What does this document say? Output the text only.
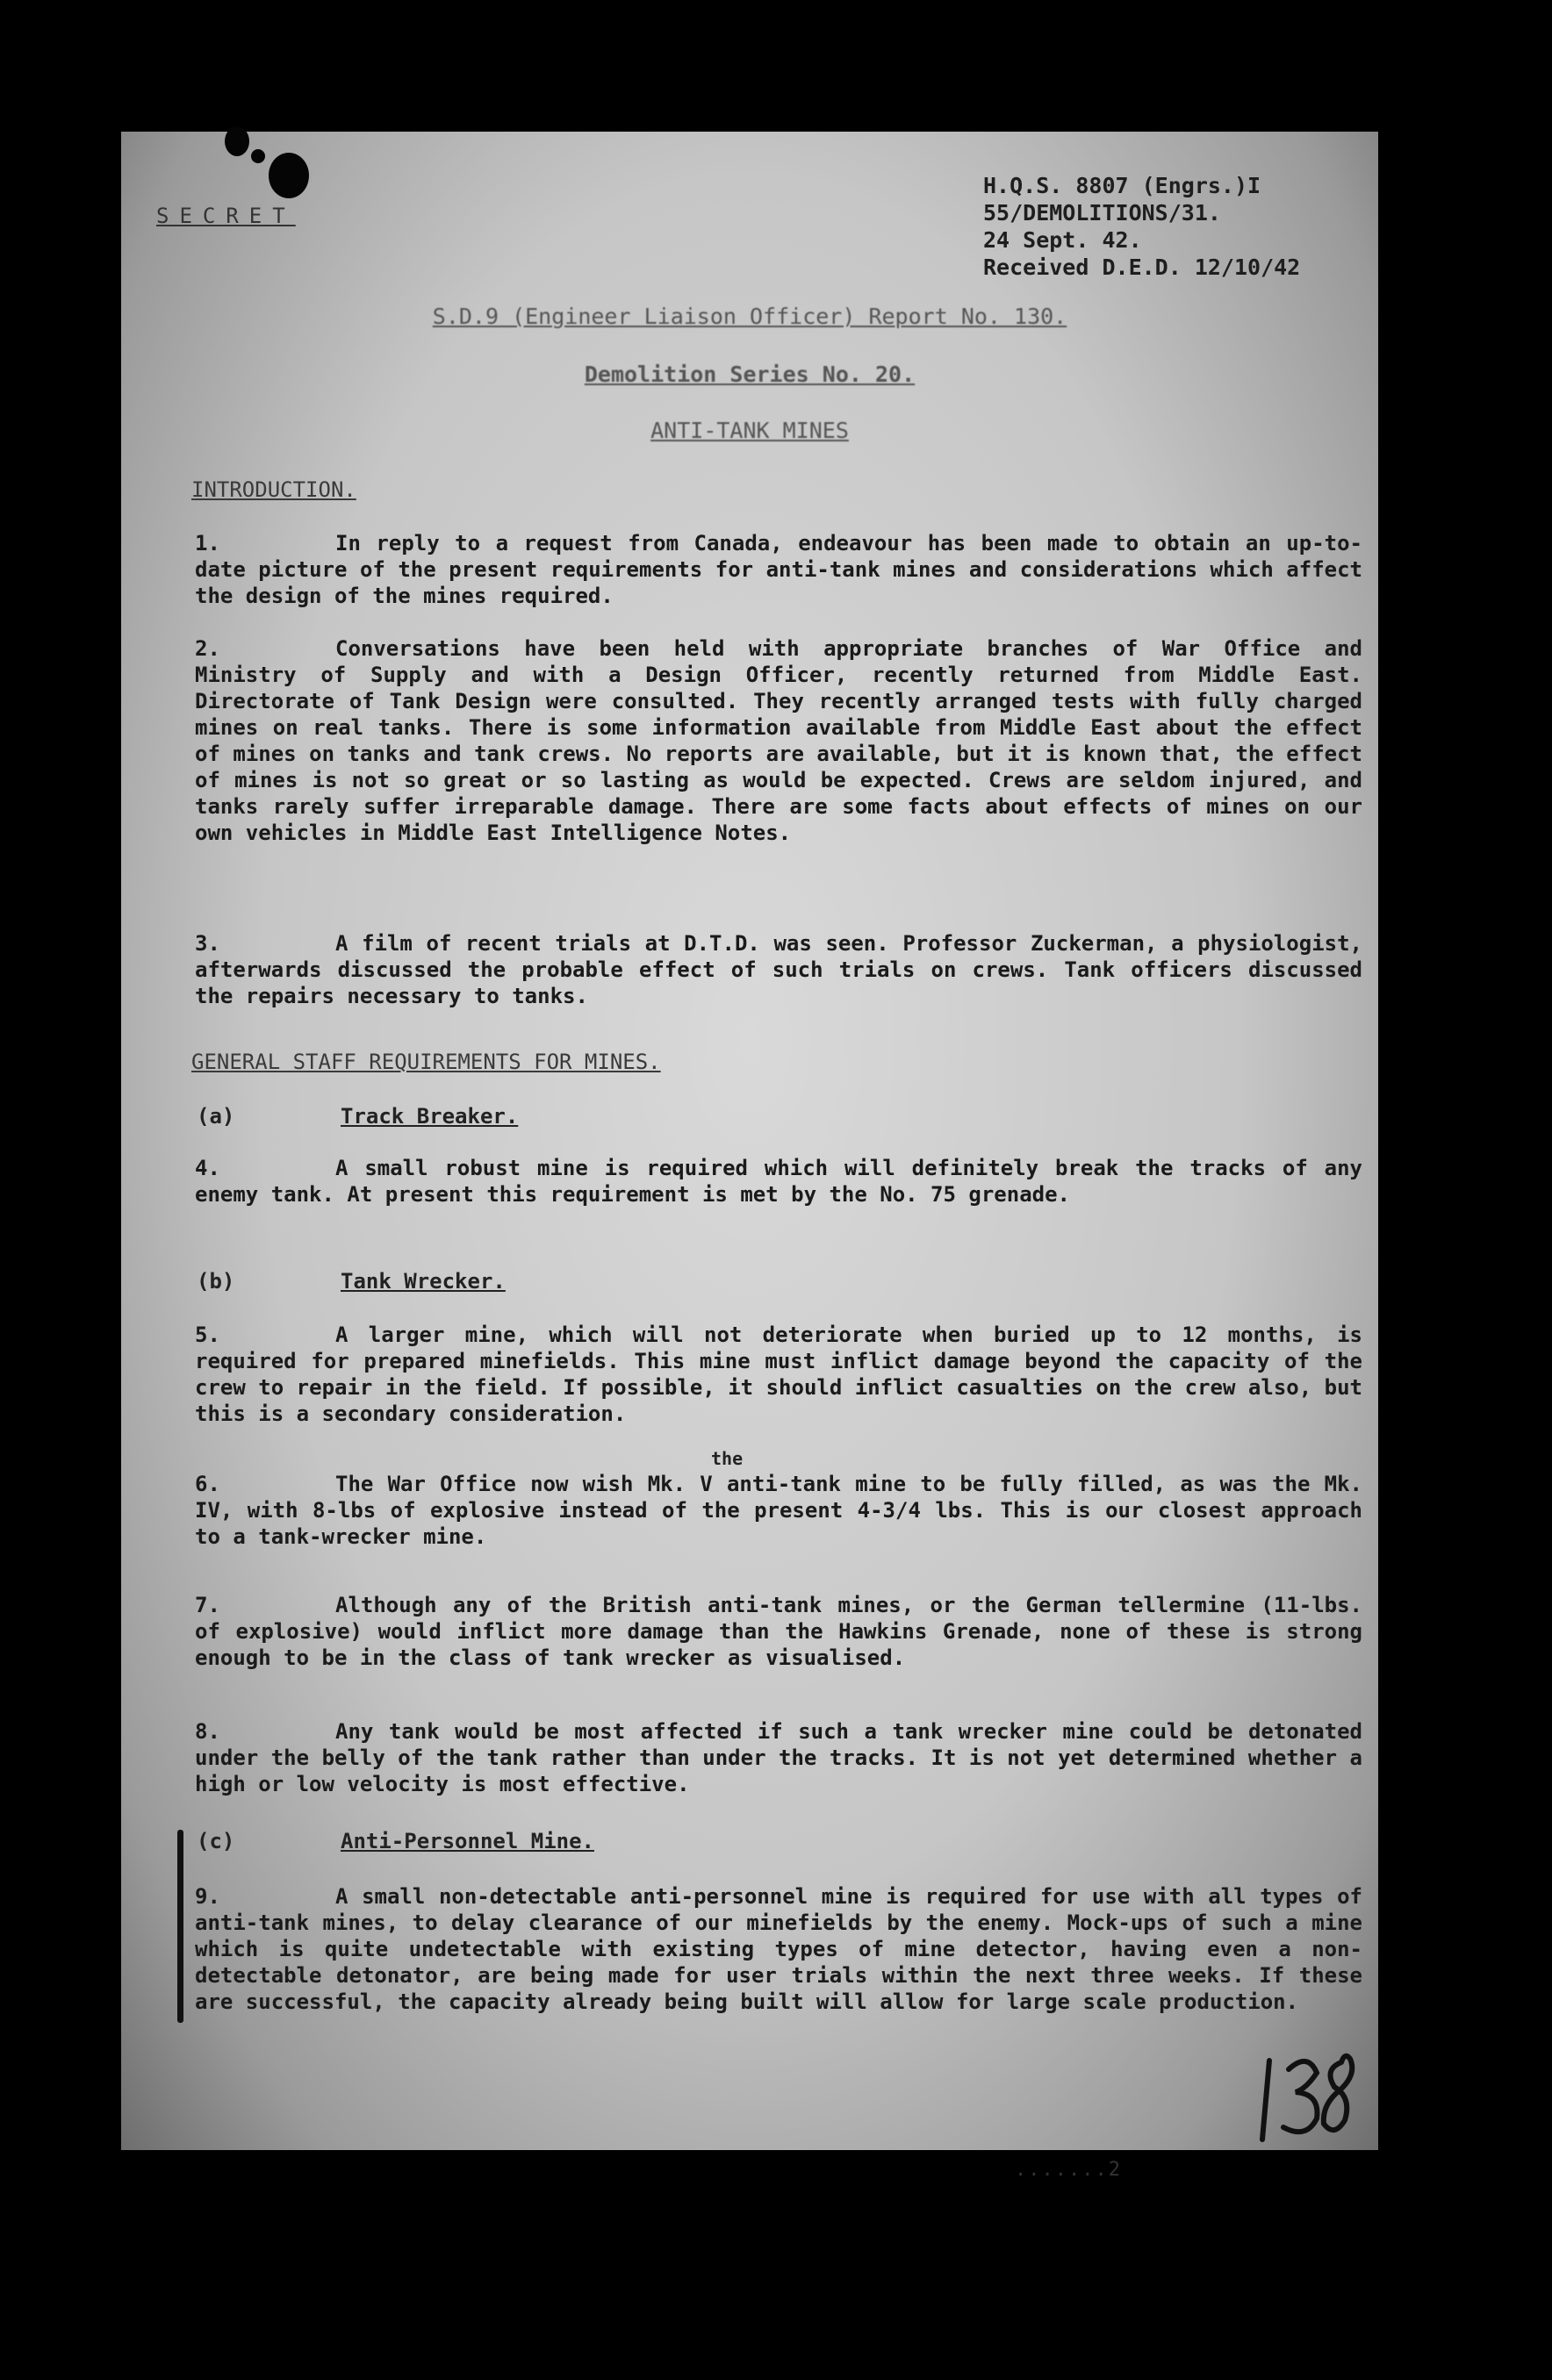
H.Q.S. 8807 (Engrs.)I
55/DEMOLITIONS/31.
24 Sept. 42.
Received D.E.D. 12/10/42
SECRET
S.D.9 (Engineer Liaison Officer) Report No. 130.
Demolition Series No. 20.
ANTI-TANK MINES
INTRODUCTION.
1.	In reply to a request from Canada, endeavour has been made to obtain an up-to-date picture of the present requirements for anti-tank mines and considerations which affect the design of the mines required.
2.	Conversations have been held with appropriate branches of War Office and Ministry of Supply and with a Design Officer, recently returned from Middle East. Directorate of Tank Design were consulted. They recently arranged tests with fully charged mines on real tanks. There is some information available from Middle East about the effect of mines on tanks and tank crews. No reports are available, but it is known that, the effect of mines is not so great or so lasting as would be expected. Crews are seldom injured, and tanks rarely suffer irreparable damage. There are some facts about effects of mines on our own vehicles in Middle East Intelligence Notes.
3.	A film of recent trials at D.T.D. was seen. Professor Zuckerman, a physiologist, afterwards discussed the probable effect of such trials on crews. Tank officers discussed the repairs necessary to tanks.
GENERAL STAFF REQUIREMENTS FOR MINES.
(a)	Track Breaker.
4.	A small robust mine is required which will definitely break the tracks of any enemy tank. At present this requirement is met by the No. 75 grenade.
(b)	Tank Wrecker.
5.	A larger mine, which will not deteriorate when buried up to 12 months, is required for prepared minefields. This mine must inflict damage beyond the capacity of the crew to repair in the field. If possible, it should inflict casualties on the crew also, but this is a secondary consideration.
the
6.	The War Office now wish Mk. V anti-tank mine to be fully filled, as was the Mk. IV, with 8-lbs of explosive instead of the present 4-3/4 lbs. This is our closest approach to a tank-wrecker mine.
7.	Although any of the British anti-tank mines, or the German tellermine (11-lbs. of explosive) would inflict more damage than the Hawkins Grenade, none of these is strong enough to be in the class of tank wrecker as visualised.
8.	Any tank would be most affected if such a tank wrecker mine could be detonated under the belly of the tank rather than under the tracks. It is not yet determined whether a high or low velocity is most effective.
(c)	Anti-Personnel Mine.
9.	A small non-detectable anti-personnel mine is required for use with all types of anti-tank mines, to delay clearance of our minefields by the enemy. Mock-ups of such a mine which is quite undetectable with existing types of mine detector, having even a non-detectable detonator, are being made for user trials within the next three weeks. If these are successful, the capacity already being built will allow for large scale production.
.......2
